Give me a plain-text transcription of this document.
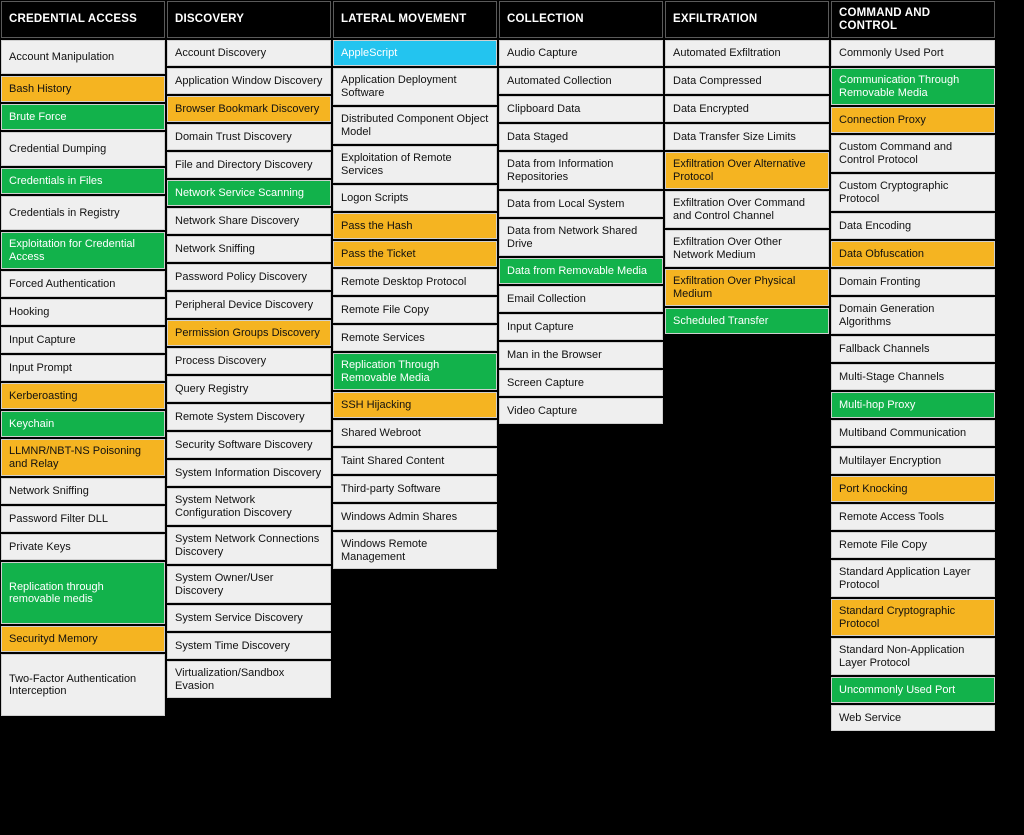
CREDENTIAL ACCESS
Account Manipulation
Bash History
Brute Force
Credential Dumping
Credentials in Files
Credentials in Registry
Exploitation for Credential Access
Forced Authentication
Hooking
Input Capture
Input Prompt
Kerberoasting
Keychain
LLMNR/NBT-NS Poisoning and Relay
Network Sniffing
Password Filter DLL
Private Keys
Replication through removable medis
Securityd Memory
Two-Factor Authentication Interception
DISCOVERY
Account Discovery
Application Window Discovery
Browser Bookmark Discovery
Domain Trust Discovery
File and Directory Discovery
Network Service Scanning
Network Share Discovery
Network Sniffing
Password Policy Discovery
Peripheral Device Discovery
Permission Groups Discovery
Process Discovery
Query Registry
Remote System Discovery
Security Software Discovery
System Information Discovery
System Network Configuration Discovery
System Network Connections Discovery
System Owner/User Discovery
System Service Discovery
System Time Discovery
Virtualization/Sandbox Evasion
LATERAL MOVEMENT
AppleScript
Application Deployment Software
Distributed Component Object Model
Exploitation of Remote Services
Logon Scripts
Pass the Hash
Pass the Ticket
Remote Desktop Protocol
Remote File Copy
Remote Services
Replication Through Removable Media
SSH Hijacking
Shared Webroot
Taint Shared Content
Third-party Software
Windows Admin Shares
Windows Remote Management
COLLECTION
Audio Capture
Automated Collection
Clipboard Data
Data Staged
Data from Information Repositories
Data from Local System
Data from Network Shared Drive
Data from Removable Media
Email Collection
Input Capture
Man in the Browser
Screen Capture
Video Capture
EXFILTRATION
Automated Exfiltration
Data Compressed
Data Encrypted
Data Transfer Size Limits
Exfiltration Over Alternative Protocol
Exfiltration Over Command and Control Channel
Exfiltration Over Other Network Medium
Exfiltration Over Physical Medium
Scheduled Transfer
COMMAND AND CONTROL
Commonly Used Port
Communication Through Removable Media
Connection Proxy
Custom Command and Control Protocol
Custom Cryptographic Protocol
Data Encoding
Data Obfuscation
Domain Fronting
Domain Generation Algorithms
Fallback Channels
Multi-Stage Channels
Multi-hop Proxy
Multiband Communication
Multilayer Encryption
Port Knocking
Remote Access Tools
Remote File Copy
Standard Application Layer Protocol
Standard Cryptographic Protocol
Standard Non-Application Layer Protocol
Uncommonly Used Port
Web Service
